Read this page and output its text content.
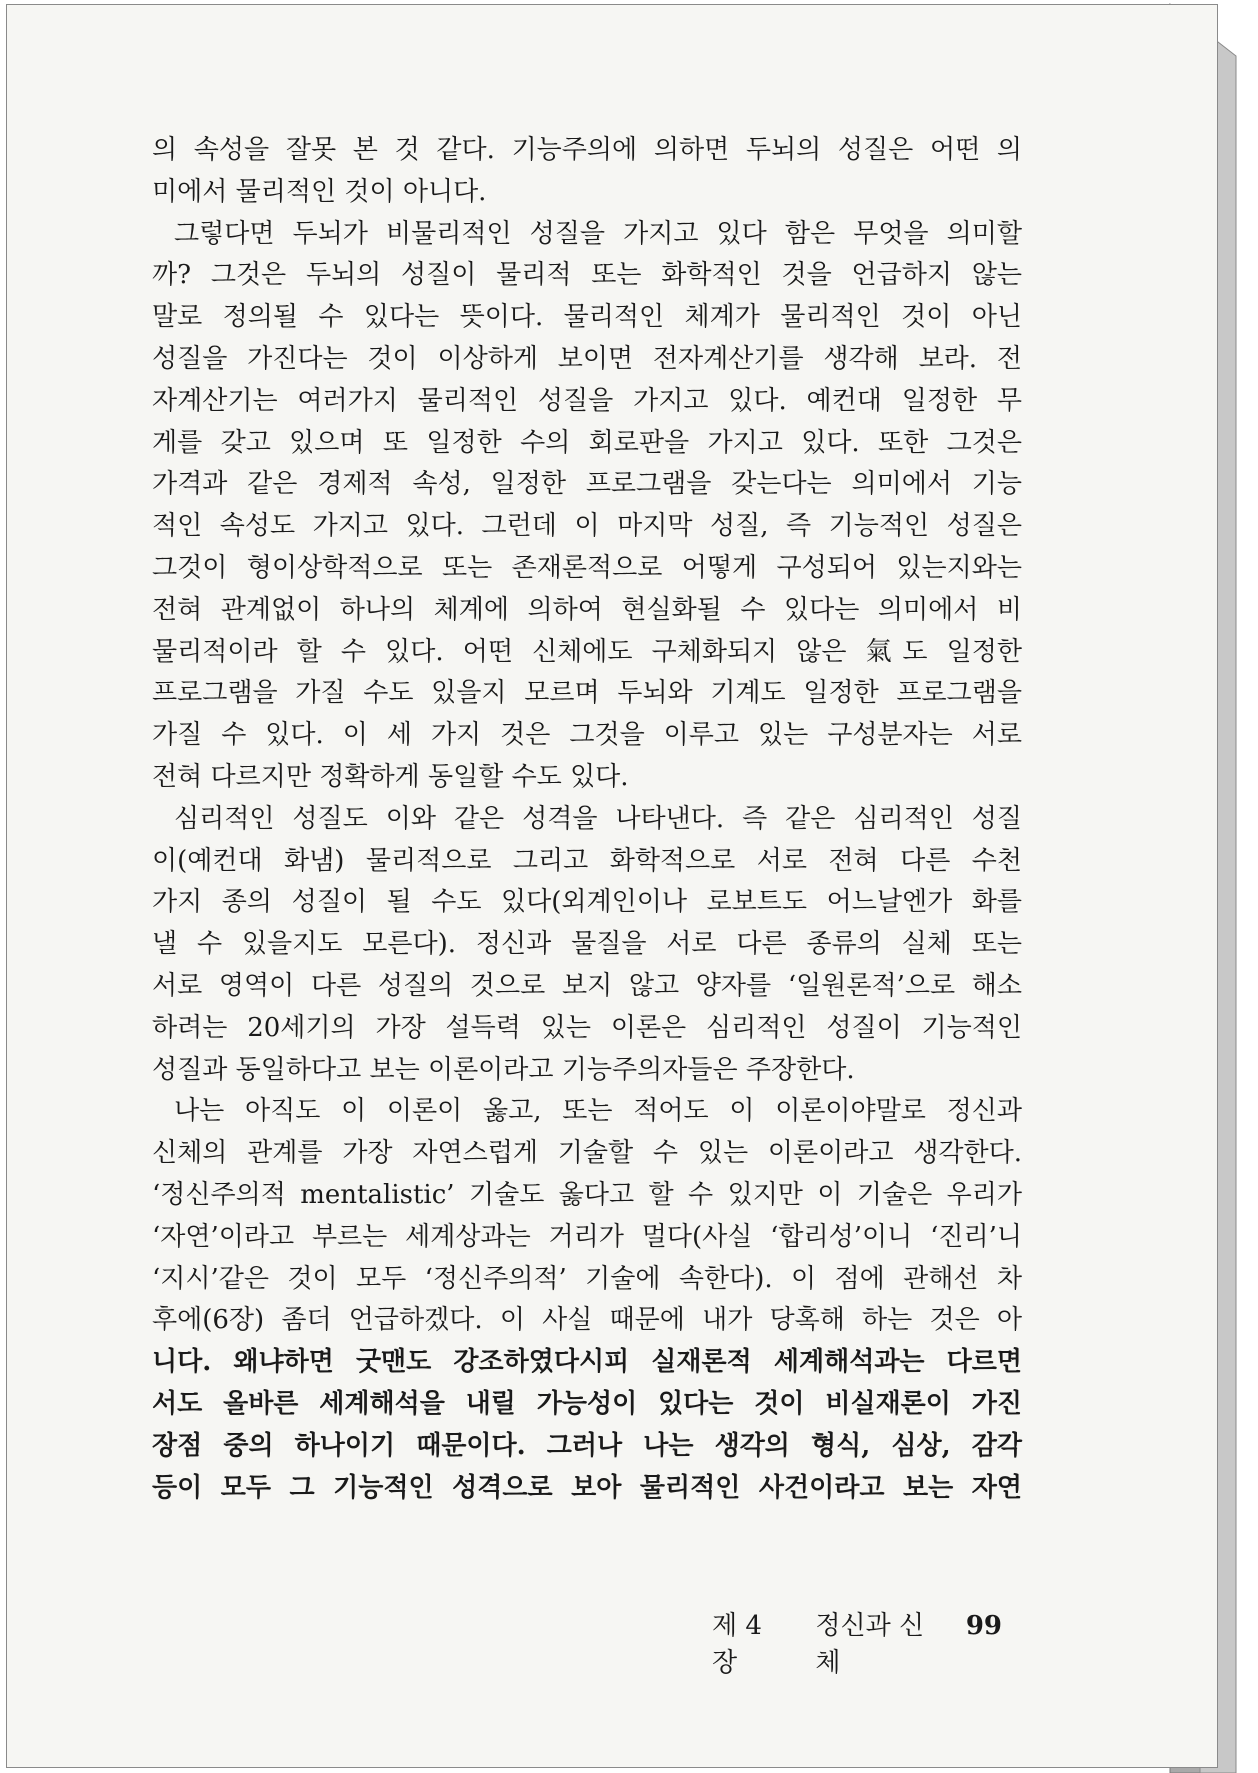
의 속성을 잘못 본 것 같다. 기능주의에 의하면 두뇌의 성질은 어떤 의
미에서 물리적인 것이 아니다.
그렇다면 두뇌가 비물리적인 성질을 가지고 있다 함은 무엇을 의미할
까? 그것은 두뇌의 성질이 물리적 또는 화학적인 것을 언급하지 않는
말로 정의될 수 있다는 뜻이다. 물리적인 체계가 물리적인 것이 아닌
성질을 가진다는 것이 이상하게 보이면 전자계산기를 생각해 보라. 전
자계산기는 여러가지 물리적인 성질을 가지고 있다. 예컨대 일정한 무
게를 갖고 있으며 또 일정한 수의 회로판을 가지고 있다. 또한 그것은
가격과 같은 경제적 속성, 일정한 프로그램을 갖는다는 의미에서 기능
적인 속성도 가지고 있다. 그런데 이 마지막 성질, 즉 기능적인 성질은
그것이 형이상학적으로 또는 존재론적으로 어떻게 구성되어 있는지와는
전혀 관계없이 하나의 체계에 의하여 현실화될 수 있다는 의미에서 비
물리적이라 할 수 있다. 어떤 신체에도 구체화되지 않은 氣도 일정한
프로그램을 가질 수도 있을지 모르며 두뇌와 기계도 일정한 프로그램을
가질 수 있다. 이 세 가지 것은 그것을 이루고 있는 구성분자는 서로
전혀 다르지만 정확하게 동일할 수도 있다.
심리적인 성질도 이와 같은 성격을 나타낸다. 즉 같은 심리적인 성질
이(예컨대 화냄) 물리적으로 그리고 화학적으로 서로 전혀 다른 수천
가지 종의 성질이 될 수도 있다(외계인이나 로보트도 어느날엔가 화를
낼 수 있을지도 모른다). 정신과 물질을 서로 다른 종류의 실체 또는
서로 영역이 다른 성질의 것으로 보지 않고 양자를 ‘일원론적’으로 해소
하려는 20세기의 가장 설득력 있는 이론은 심리적인 성질이 기능적인
성질과 동일하다고 보는 이론이라고 기능주의자들은 주장한다.
나는 아직도 이 이론이 옳고, 또는 적어도 이 이론이야말로 정신과
신체의 관계를 가장 자연스럽게 기술할 수 있는 이론이라고 생각한다.
‘정신주의적 mentalistic’ 기술도 옳다고 할 수 있지만 이 기술은 우리가
‘자연’이라고 부르는 세계상과는 거리가 멀다(사실 ‘합리성’이니 ‘진리’니
‘지시’같은 것이 모두 ‘정신주의적’ 기술에 속한다). 이 점에 관해선 차
후에(6장) 좀더 언급하겠다. 이 사실 때문에 내가 당혹해 하는 것은 아
니다. 왜냐하면 굿맨도 강조하였다시피 실재론적 세계해석과는 다르면
서도 올바른 세계해석을 내릴 가능성이 있다는 것이 비실재론이 가진
장점 중의 하나이기 때문이다. 그러나 나는 생각의 형식, 심상, 감각
등이 모두 그 기능적인 성격으로 보아 물리적인 사건이라고 보는 자연
제 4 장
정신과 신체
99
